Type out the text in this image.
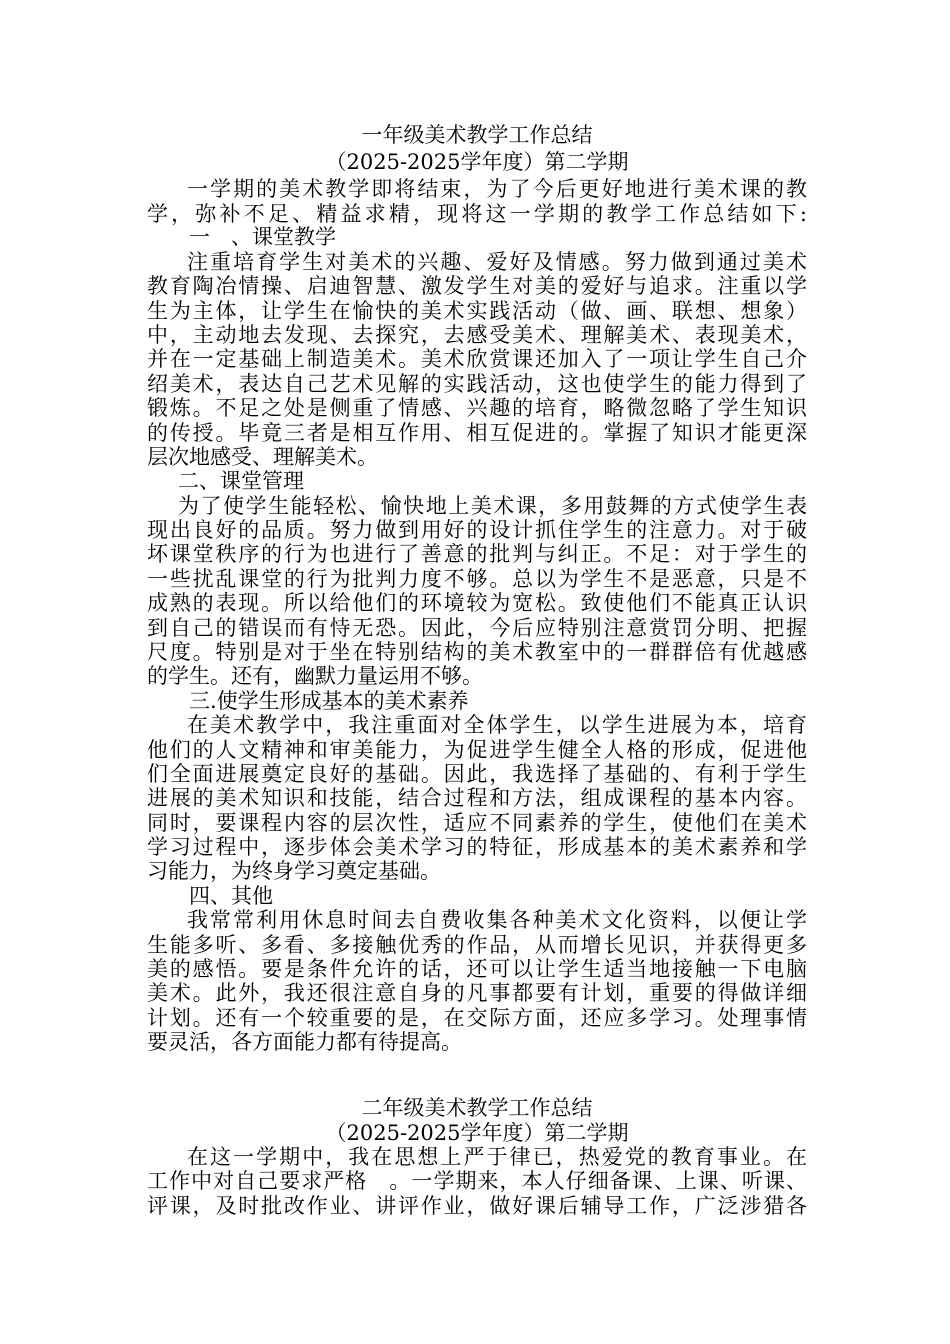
一年级美术教学工作总结
（2025-2025学年度）第二学期
一学期的美术教学即将结束，为了今后更好地进行美术课的教
学，弥补不足、精益求精，现将这一学期的教学工作总结如下:
一　、课堂教学
注重培育学生对美术的兴趣、爱好及情感。努力做到通过美术
教育陶冶情操、启迪智慧、激发学生对美的爱好与追求。注重以学
生为主体，让学生在愉快的美术实践活动（做、画、联想、想象）
中，主动地去发现、去探究，去感受美术、理解美术、表现美术，
并在一定基础上制造美术。美术欣赏课还加入了一项让学生自己介
绍美术，表达自己艺术见解的实践活动，这也使学生的能力得到了
锻炼。不足之处是侧重了情感、兴趣的培育，略微忽略了学生知识
的传授。毕竟三者是相互作用、相互促进的。掌握了知识才能更深
层次地感受、理解美术。
二、课堂管理
为了使学生能轻松、愉快地上美术课，多用鼓舞的方式使学生表
现出良好的品质。努力做到用好的设计抓住学生的注意力。对于破
坏课堂秩序的行为也进行了善意的批判与纠正。不足：对于学生的
一些扰乱课堂的行为批判力度不够。总以为学生不是恶意，只是不
成熟的表现。所以给他们的环境较为宽松。致使他们不能真正认识
到自己的错误而有恃无恐。因此，今后应特别注意赏罚分明、把握
尺度。特别是对于坐在特别结构的美术教室中的一群群倍有优越感
的学生。还有，幽默力量运用不够。
三.使学生形成基本的美术素养
在美术教学中，我注重面对全体学生，以学生进展为本，培育
他们的人文精神和审美能力，为促进学生健全人格的形成，促进他
们全面进展奠定良好的基础。因此，我选择了基础的、有利于学生
进展的美术知识和技能，结合过程和方法，组成课程的基本内容。
同时，要课程内容的层次性，适应不同素养的学生，使他们在美术
学习过程中，逐步体会美术学习的特征，形成基本的美术素养和学
习能力，为终身学习奠定基础。
四、其他
我常常利用休息时间去自费收集各种美术文化资料，以便让学
生能多听、多看、多接触优秀的作品，从而增长见识，并获得更多
美的感悟。要是条件允许的话，还可以让学生适当地接触一下电脑
美术。此外，我还很注意自身的凡事都要有计划，重要的得做详细
计划。还有一个较重要的是，在交际方面，还应多学习。处理事情
要灵活，各方面能力都有待提高。
二年级美术教学工作总结
（2025-2025学年度）第二学期
在这一学期中，我在思想上严于律已，热爱党的教育事业。在
工作中对自己要求严格　。一学期来，本人仔细备课、上课、听课、
评课，及时批改作业、讲评作业，做好课后辅导工作，广泛涉猎各
